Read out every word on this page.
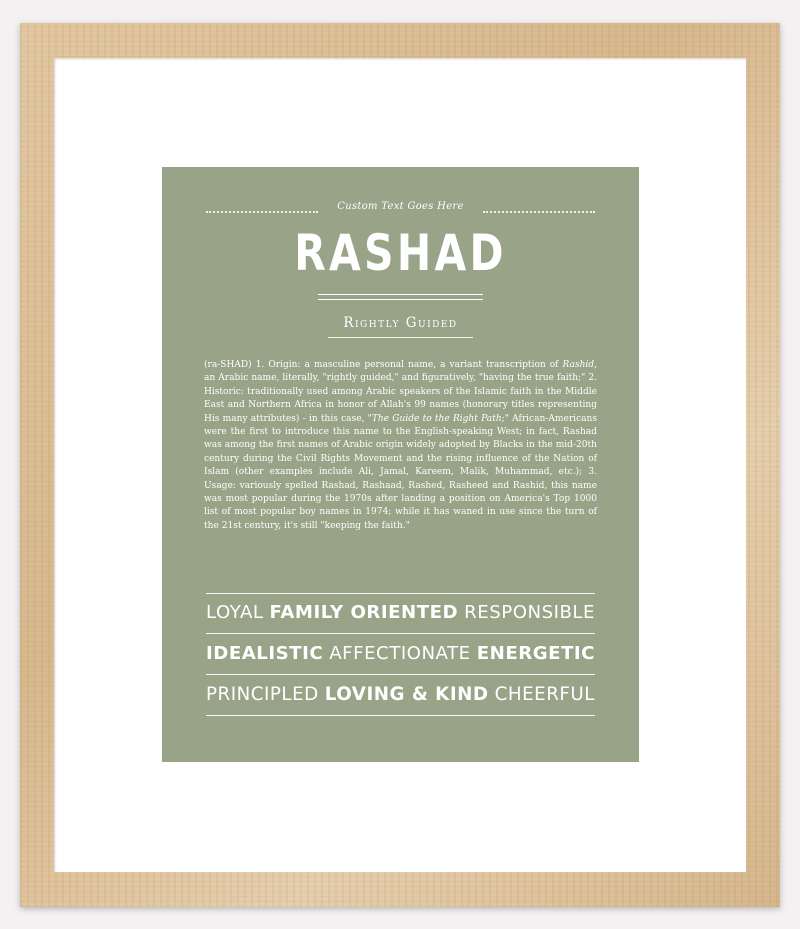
Custom Text Goes Here
RASHAD
Rightly Guided
(ra-SHAD) 1. Origin: a masculine personal name, a variant transcription of Rashid, an Arabic name, literally, "rightly guided," and figuratively, "having the true faith;" 2. Historic: traditionally used among Arabic speakers of the Islamic faith in the Middle East and Northern Africa in honor of Allah's 99 names (honorary titles representing His many attributes) - in this case, "The Guide to the Right Path;" African-Americans were the first to introduce this name to the English-speaking West; in fact, Rashad was among the first names of Arabic origin widely adopted by Blacks in the mid-20th century during the Civil Rights Movement and the rising influence of the Nation of Islam (other examples include Ali, Jamal, Kareem, Malik, Muhammad, etc.); 3. Usage: variously spelled Rashad, Rashaad, Rashed, Rasheed and Rashid, this name was most popular during the 1970s after landing a position on America's Top 1000 list of most popular boy names in 1974; while it has waned in use since the turn of the 21st century, it's still "keeping the faith."
LOYAL FAMILY ORIENTED RESPONSIBLE
IDEALISTIC AFFECTIONATE ENERGETIC
PRINCIPLED LOVING & KIND CHEERFUL
